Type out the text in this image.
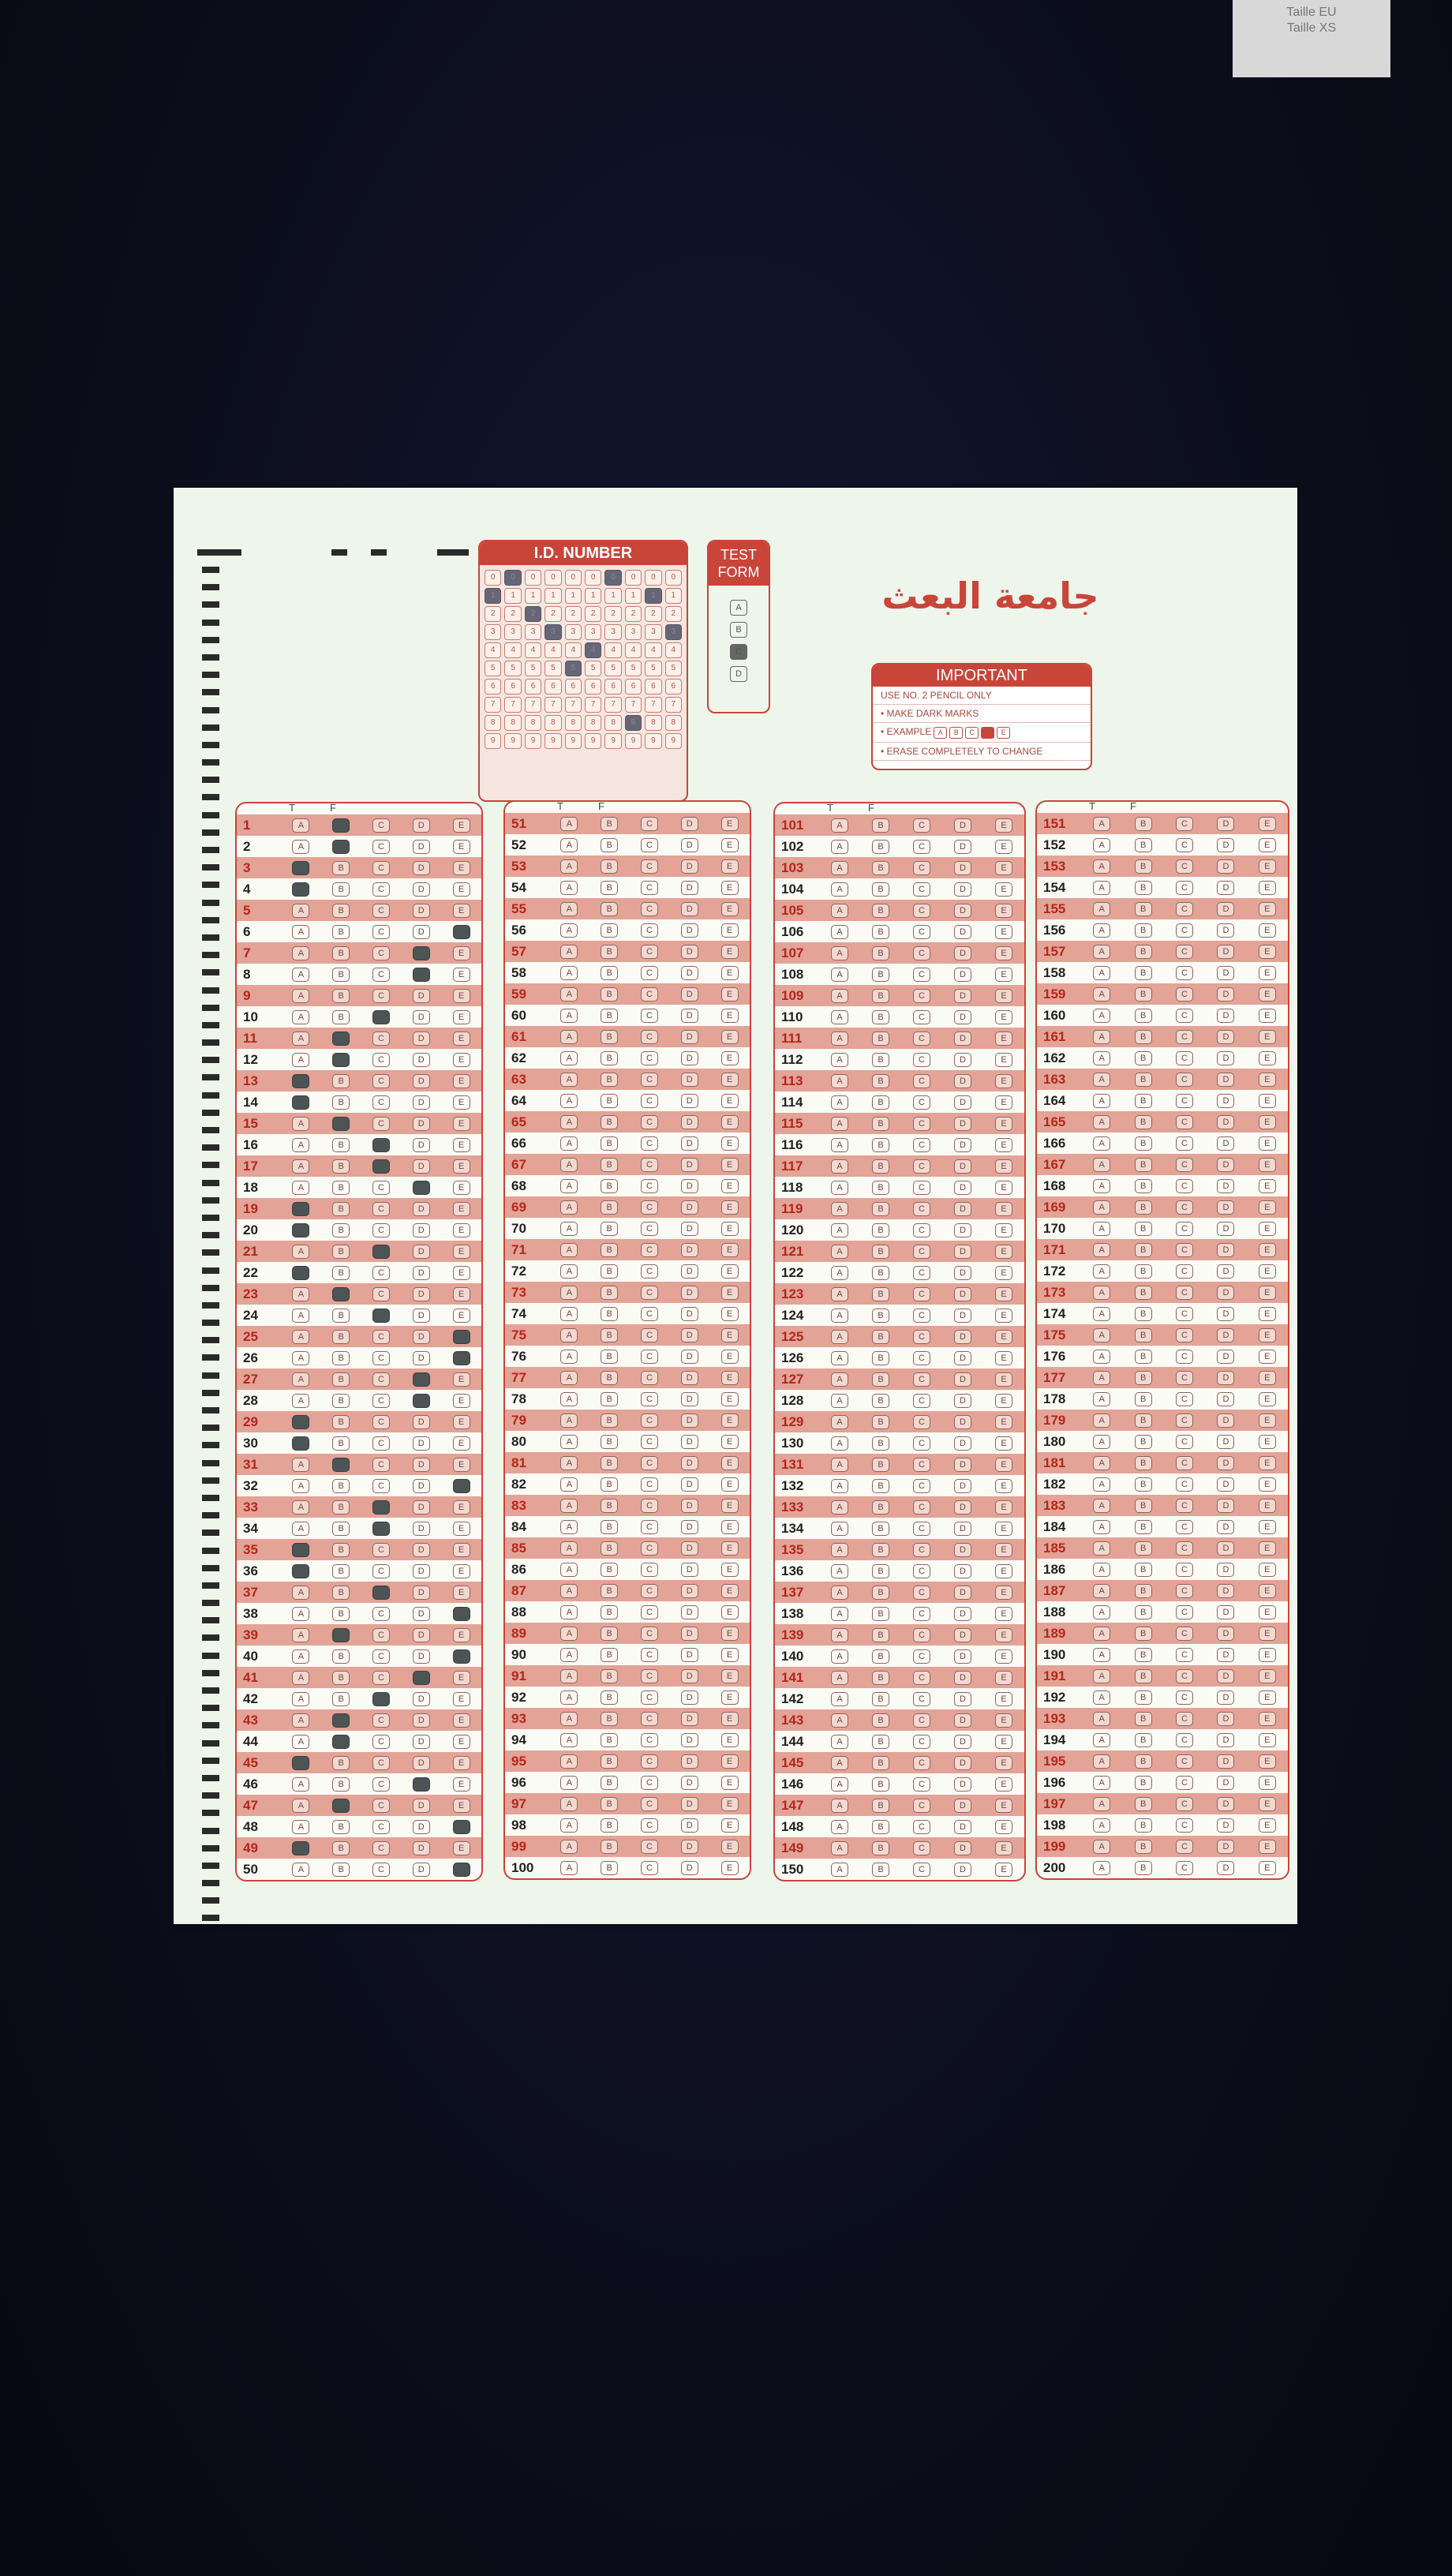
Taille EU
Taille XS
جامعة البعث
I.D. NUMBER
0	0	0	0	0	0	0	0	0	0
1	1	1	1	1	1	1	1	1	1
2	2	2	2	2	2	2	2	2	2
3	3	3	3	3	3	3	3	3	3
4	4	4	4	4	4	4	4	4	4
5	5	5	5	5	5	5	5	5	5
6	6	6	6	6	6	6	6	6	6
7	7	7	7	7	7	7	7	7	7
8	8	8	8	8	8	8	8	8	8
9	9	9	9	9	9	9	9	9	9
TEST FORM
A
B
C
D	IMPORTANT
USE NO. 2 PENCIL ONLY
• MAKE DARK MARKS
• EXAMPLE A B C D E
• ERASE COMPLETELY TO CHANGE
T	F
1	A	B	C	D	E
2	A	B	C	D	E
3	A	B	C	D	E
4	A	B	C	D	E
5	A	B	C	D	E
6	A	B	C	D	E
7	A	B	C	D	E
8	A	B	C	D	E
9	A	B	C	D	E
10	A	B	C	D	E
11	A	B	C	D	E
12	A	B	C	D	E
13	A	B	C	D	E
14	A	B	C	D	E
15	A	B	C	D	E
16	A	B	C	D	E
17	A	B	C	D	E
18	A	B	C	D	E
19	A	B	C	D	E
20	A	B	C	D	E
21	A	B	C	D	E
22	A	B	C	D	E
23	A	B	C	D	E
24	A	B	C	D	E
25	A	B	C	D	E
26	A	B	C	D	E
27	A	B	C	D	E
28	A	B	C	D	E
29	A	B	C	D	E
30	A	B	C	D	E
31	A	B	C	D	E
32	A	B	C	D	E
33	A	B	C	D	E
34	A	B	C	D	E
35	A	B	C	D	E
36	A	B	C	D	E
37	A	B	C	D	E
38	A	B	C	D	E
39	A	B	C	D	E
40	A	B	C	D	E
41	A	B	C	D	E
42	A	B	C	D	E
43	A	B	C	D	E
44	A	B	C	D	E
45	A	B	C	D	E
46	A	B	C	D	E
47	A	B	C	D	E
48	A	B	C	D	E
49	A	B	C	D	E
50	A	B	C	D	E
T	F
51	A	B	C	D	E
52	A	B	C	D	E
53	A	B	C	D	E
54	A	B	C	D	E
55	A	B	C	D	E
56	A	B	C	D	E
57	A	B	C	D	E
58	A	B	C	D	E
59	A	B	C	D	E
60	A	B	C	D	E
61	A	B	C	D	E
62	A	B	C	D	E
63	A	B	C	D	E
64	A	B	C	D	E
65	A	B	C	D	E
66	A	B	C	D	E
67	A	B	C	D	E
68	A	B	C	D	E
69	A	B	C	D	E
70	A	B	C	D	E
71	A	B	C	D	E
72	A	B	C	D	E
73	A	B	C	D	E
74	A	B	C	D	E
75	A	B	C	D	E
76	A	B	C	D	E
77	A	B	C	D	E
78	A	B	C	D	E
79	A	B	C	D	E
80	A	B	C	D	E
81	A	B	C	D	E
82	A	B	C	D	E
83	A	B	C	D	E
84	A	B	C	D	E
85	A	B	C	D	E
86	A	B	C	D	E
87	A	B	C	D	E
88	A	B	C	D	E
89	A	B	C	D	E
90	A	B	C	D	E
91	A	B	C	D	E
92	A	B	C	D	E
93	A	B	C	D	E
94	A	B	C	D	E
95	A	B	C	D	E
96	A	B	C	D	E
97	A	B	C	D	E
98	A	B	C	D	E
99	A	B	C	D	E
100	A	B	C	D	E
T	F
101	A	B	C	D	E
102	A	B	C	D	E
103	A	B	C	D	E
104	A	B	C	D	E
105	A	B	C	D	E
106	A	B	C	D	E
107	A	B	C	D	E
108	A	B	C	D	E
109	A	B	C	D	E
110	A	B	C	D	E
111	A	B	C	D	E
112	A	B	C	D	E
113	A	B	C	D	E
114	A	B	C	D	E
115	A	B	C	D	E
116	A	B	C	D	E
117	A	B	C	D	E
118	A	B	C	D	E
119	A	B	C	D	E
120	A	B	C	D	E
121	A	B	C	D	E
122	A	B	C	D	E
123	A	B	C	D	E
124	A	B	C	D	E
125	A	B	C	D	E
126	A	B	C	D	E
127	A	B	C	D	E
128	A	B	C	D	E
129	A	B	C	D	E
130	A	B	C	D	E
131	A	B	C	D	E
132	A	B	C	D	E
133	A	B	C	D	E
134	A	B	C	D	E
135	A	B	C	D	E
136	A	B	C	D	E
137	A	B	C	D	E
138	A	B	C	D	E
139	A	B	C	D	E
140	A	B	C	D	E
141	A	B	C	D	E
142	A	B	C	D	E
143	A	B	C	D	E
144	A	B	C	D	E
145	A	B	C	D	E
146	A	B	C	D	E
147	A	B	C	D	E
148	A	B	C	D	E
149	A	B	C	D	E
150	A	B	C	D	E
T	F
151	A	B	C	D	E
152	A	B	C	D	E
153	A	B	C	D	E
154	A	B	C	D	E
155	A	B	C	D	E
156	A	B	C	D	E
157	A	B	C	D	E
158	A	B	C	D	E
159	A	B	C	D	E
160	A	B	C	D	E
161	A	B	C	D	E
162	A	B	C	D	E
163	A	B	C	D	E
164	A	B	C	D	E
165	A	B	C	D	E
166	A	B	C	D	E
167	A	B	C	D	E
168	A	B	C	D	E
169	A	B	C	D	E
170	A	B	C	D	E
171	A	B	C	D	E
172	A	B	C	D	E
173	A	B	C	D	E
174	A	B	C	D	E
175	A	B	C	D	E
176	A	B	C	D	E
177	A	B	C	D	E
178	A	B	C	D	E
179	A	B	C	D	E
180	A	B	C	D	E
181	A	B	C	D	E
182	A	B	C	D	E
183	A	B	C	D	E
184	A	B	C	D	E
185	A	B	C	D	E
186	A	B	C	D	E
187	A	B	C	D	E
188	A	B	C	D	E
189	A	B	C	D	E
190	A	B	C	D	E
191	A	B	C	D	E
192	A	B	C	D	E
193	A	B	C	D	E
194	A	B	C	D	E
195	A	B	C	D	E
196	A	B	C	D	E
197	A	B	C	D	E
198	A	B	C	D	E
199	A	B	C	D	E
200	A	B	C	D	E
